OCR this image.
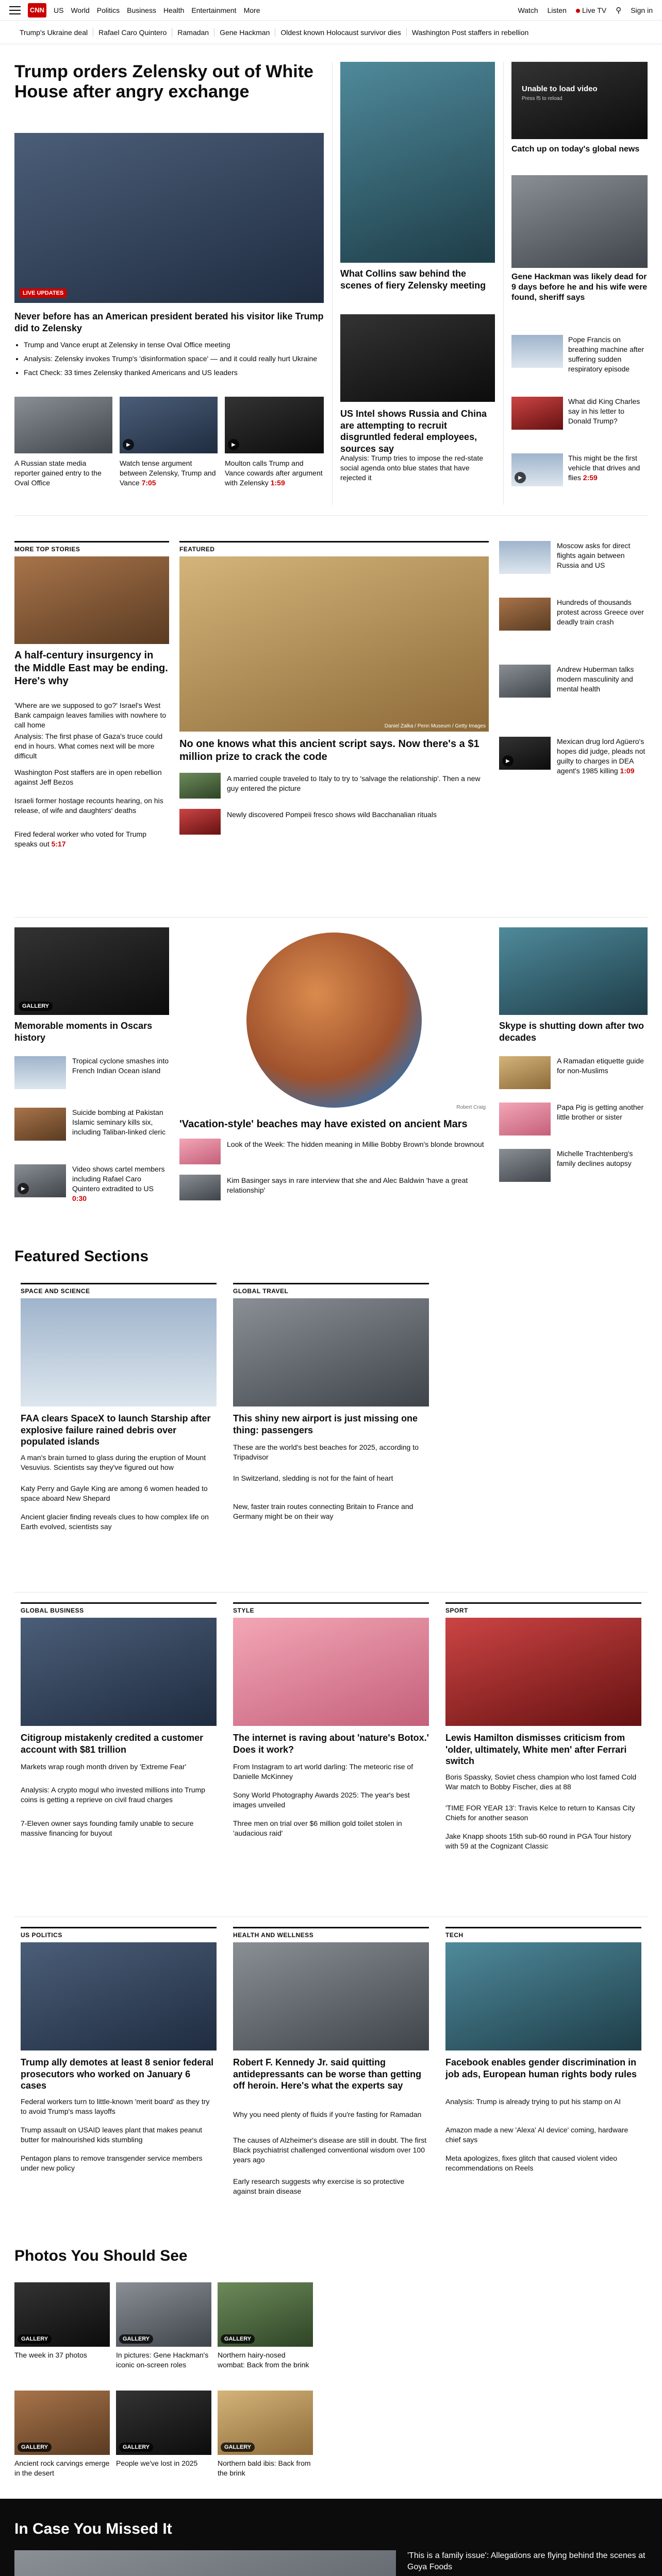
CNN US World Politics Business Health Entertainment More	Watch Listen	Live TV ⚲ Sign in
Trump's Ukraine deal	Rafael Caro Quintero	Ramadan	Gene Hackman	Oldest known Holocaust survivor dies	Washington Post staffers in rebellion
Trump orders Zelensky out of White House after angry exchange
LIVE UPDATES
Never before has an American president berated his visitor like Trump did to Zelensky
• Trump and Vance erupt at Zelensky in tense Oval Office meeting
• Analysis: Zelensky invokes Trump's 'disinformation space' — and it could really hurt Ukraine
• Fact Check: 33 times Zelensky thanked Americans and US leaders
▶	▶
A Russian state media reporter gained entry to the Oval Office
Watch tense argument between Zelensky, Trump and Vance 7:05
Moulton calls Trump and Vance cowards after argument with Zelensky 1:59
What Collins saw behind the scenes of fiery Zelensky meeting
US Intel shows Russia and China are attempting to recruit disgruntled federal employees, sources say
Analysis: Trump tries to impose the red-state social agenda onto blue states that have rejected it
Unable to load video
Press f5 to reload
Catch up on today's global news
Gene Hackman was likely dead for 9 days before he and his wife were found, sheriff says
Pope Francis on breathing machine after suffering sudden respiratory episode
What did King Charles say in his letter to Donald Trump?
▶
This might be the first vehicle that drives and flies 2:59
MORE TOP STORIES
A half-century insurgency in the Middle East may be ending. Here's why
'Where are we supposed to go?' Israel's West Bank campaign leaves families with nowhere to call home
Analysis: The first phase of Gaza's truce could end in hours. What comes next will be more difficult
Washington Post staffers are in open rebellion against Jeff Bezos
Israeli former hostage recounts hearing, on his release, of wife and daughters' deaths
Fired federal worker who voted for Trump speaks out 5:17
FEATURED
Daniel Zalka / Penn Museum / Getty Images
No one knows what this ancient script says. Now there's a $1 million prize to crack the code
A married couple traveled to Italy to try to 'salvage the relationship'. Then a new guy entered the picture
Newly discovered Pompeii fresco shows wild Bacchanalian rituals
Moscow asks for direct flights again between Russia and US
Hundreds of thousands protest across Greece over deadly train crash
Andrew Huberman talks modern masculinity and mental health
▶
Mexican drug lord Agüero's hopes did judge, pleads not guilty to charges in DEA agent's 1985 killing 1:09
GALLERY
Memorable moments in Oscars history
Tropical cyclone smashes into French Indian Ocean island
Suicide bombing at Pakistan Islamic seminary kills six, including Taliban-linked cleric
▶
Video shows cartel members including Rafael Caro Quintero extradited to US 0:30
Robert Craig
'Vacation-style' beaches may have existed on ancient Mars
Look of the Week: The hidden meaning in Millie Bobby Brown's blonde brownout
Kim Basinger says in rare interview that she and Alec Baldwin 'have a great relationship'
Skype is shutting down after two decades
A Ramadan etiquette guide for non-Muslims
Papa Pig is getting another little brother or sister
Michelle Trachtenberg's family declines autopsy
Featured Sections
SPACE AND SCIENCE
FAA clears SpaceX to launch Starship after explosive failure rained debris over populated islands
A man's brain turned to glass during the eruption of Mount Vesuvius. Scientists say they've figured out how
Katy Perry and Gayle King are among 6 women headed to space aboard New Shepard
Ancient glacier finding reveals clues to how complex life on Earth evolved, scientists say
GLOBAL TRAVEL
This shiny new airport is just missing one thing: passengers
These are the world's best beaches for 2025, according to Tripadvisor
In Switzerland, sledding is not for the faint of heart
New, faster train routes connecting Britain to France and Germany might be on their way
GLOBAL BUSINESS
Citigroup mistakenly credited a customer account with $81 trillion
Markets wrap rough month driven by 'Extreme Fear'
Analysis: A crypto mogul who invested millions into Trump coins is getting a reprieve on civil fraud charges
7-Eleven owner says founding family unable to secure massive financing for buyout
STYLE
The internet is raving about 'nature's Botox.' Does it work?
From Instagram to art world darling: The meteoric rise of Danielle McKinney
Sony World Photography Awards 2025: The year's best images unveiled
Three men on trial over $6 million gold toilet stolen in 'audacious raid'
SPORT
Lewis Hamilton dismisses criticism from 'older, ultimately, White men' after Ferrari switch
Boris Spassky, Soviet chess champion who lost famed Cold War match to Bobby Fischer, dies at 88
'TIME FOR YEAR 13': Travis Kelce to return to Kansas City Chiefs for another season
Jake Knapp shoots 15th sub-60 round in PGA Tour history with 59 at the Cognizant Classic
US POLITICS
Trump ally demotes at least 8 senior federal prosecutors who worked on January 6 cases
Federal workers turn to little-known 'merit board' as they try to avoid Trump's mass layoffs
Trump assault on USAID leaves plant that makes peanut butter for malnourished kids stumbling
Pentagon plans to remove transgender service members under new policy
HEALTH AND WELLNESS
Robert F. Kennedy Jr. said quitting antidepressants can be worse than getting off heroin. Here's what the experts say
Why you need plenty of fluids if you're fasting for Ramadan
The causes of Alzheimer's disease are still in doubt. The first Black psychiatrist challenged conventional wisdom over 100 years ago
Early research suggests why exercise is so protective against brain disease
TECH
Facebook enables gender discrimination in job ads, European human rights body rules
Analysis: Trump is already trying to put his stamp on AI
Amazon made a new 'Alexa' AI device' coming, hardware chief says
Meta apologizes, fixes glitch that caused violent video recommendations on Reels
Photos You Should See
GALLERY
The week in 37 photos
GALLERY
In pictures: Gene Hackman's iconic on-screen roles
GALLERY
Northern hairy-nosed wombat: Back from the brink
GALLERY
Ancient rock carvings emerge in the desert
GALLERY
People we've lost in 2025
GALLERY
Northern bald ibis: Back from the brink
In Case You Missed It
'This is a family issue': Allegations are flying behind the scenes at Goya Foods
